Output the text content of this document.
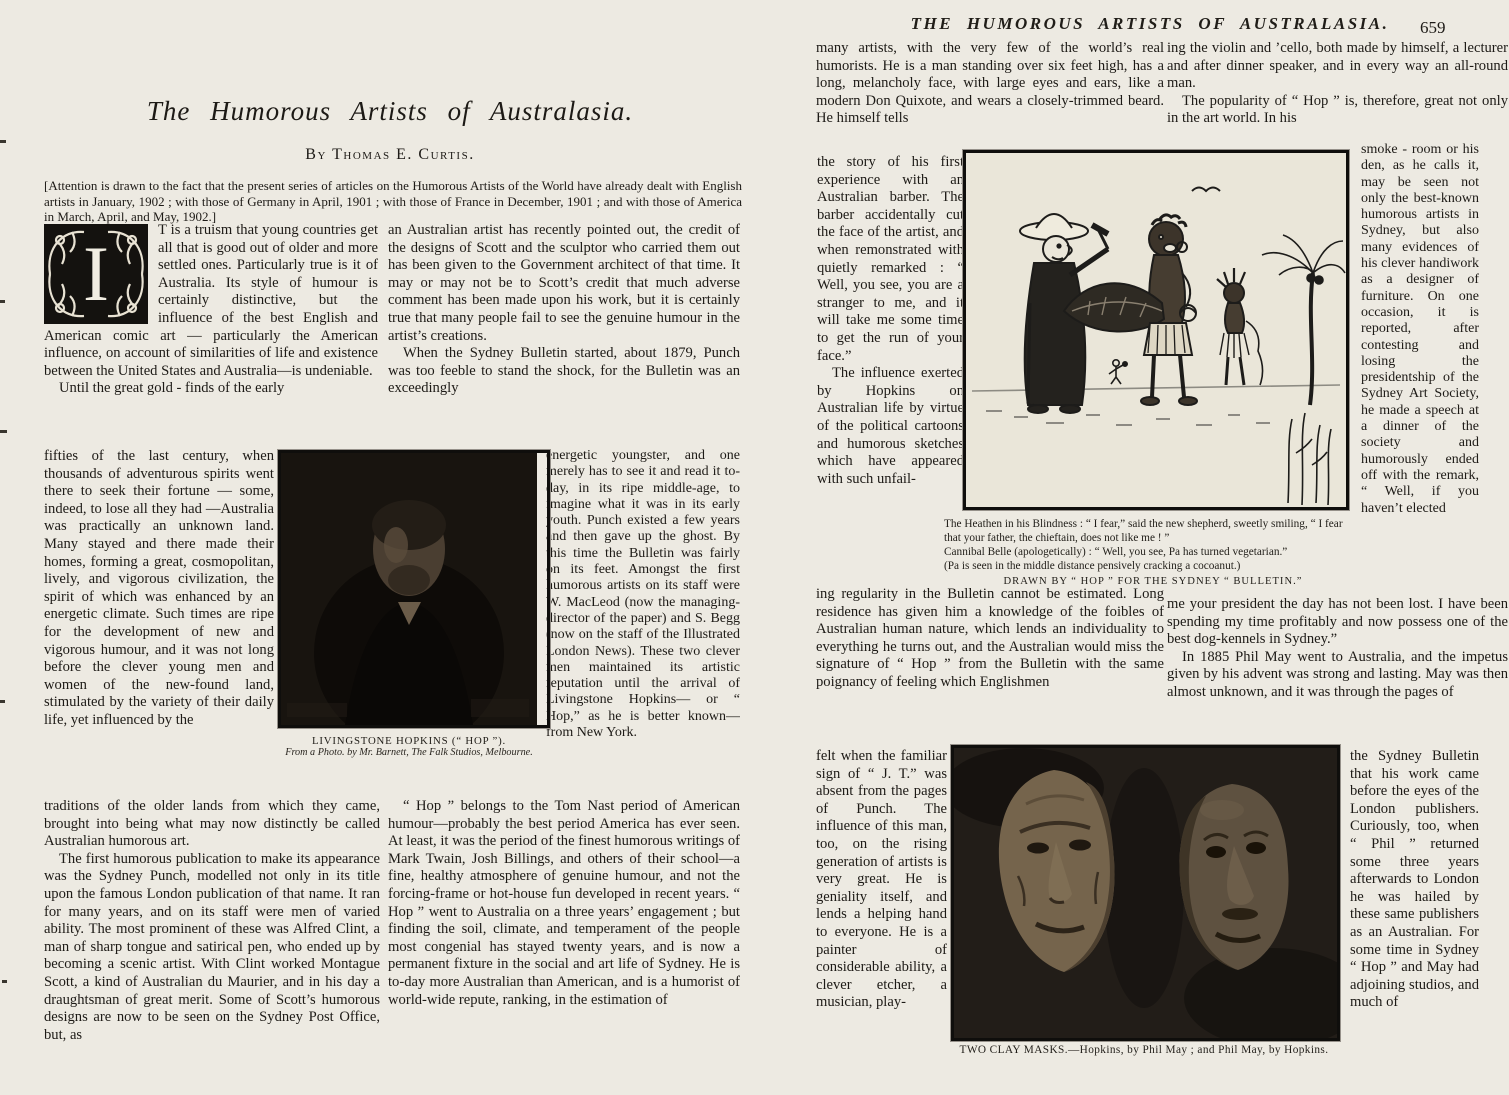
THE HUMOROUS ARTISTS OF AUSTRALASIA.	659
The Humorous Artists of Australasia.
By Thomas E. Curtis.
[Attention is drawn to the fact that the present series of articles on the Humorous Artists of the World have already dealt with English artists in January, 1902 ; with those of Germany in April, 1901 ; with those of France in December, 1901 ; and with those of America in March, April, and May, 1902.]
I

T is a truism that young countries get all that is good out of older and more settled ones. Particularly true is it of Australia. Its style of humour is certainly distinctive, but the influence of the best English and American comic art — particularly the American influence, on account of similarities of life and existence between the United States and Australia—is undeniable.

Until the great gold - finds of the early

fifties of the last century, when thousands of adventurous spirits went there to seek their fortune — some, indeed, to lose all they had —Australia was practically an unknown land. Many stayed and there made their homes, forming a great, cosmopolitan, lively, and vigorous civilization, the spirit of which was enhanced by an energetic climate. Such times are ripe for the development of new and vigorous humour, and it was not long before the clever young men and women of the new-found land, stimulated by the variety of their daily life, yet influenced by the

traditions of the older lands from which they came, brought into being what may now distinctly be called Australian humorous art.

The first humorous publication to make its appearance was the Sydney Punch, modelled not only in its title upon the famous London publication of that name. It ran for many years, and on its staff were men of varied ability. The most prominent of these was Alfred Clint, a man of sharp tongue and satirical pen, who ended up by becoming a scenic artist. With Clint worked Montague Scott, a kind of Australian du Maurier, and in his day a draughtsman of great merit. Some of Scott’s humorous designs are now to be seen on the Sydney Post Office, but, as

an Australian artist has recently pointed out, the credit of the designs of Scott and the sculptor who carried them out has been given to the Government architect of that time. It may or may not be to Scott’s credit that much adverse comment has been made upon his work, but it is certainly true that many people fail to see the genuine humour in the artist’s creations.

When the Sydney Bulletin started, about 1879, Punch was too feeble to stand the shock, for the Bulletin was an exceedingly

energetic youngster, and one merely has to see it and read it to-day, in its ripe middle-age, to imagine what it was in its early youth. Punch existed a few years and then gave up the ghost. By this time the Bulletin was fairly on its feet. Amongst the first humorous artists on its staff were W. MacLeod (now the managing-director of the paper) and S. Begg (now on the staff of the Illustrated London News). These two clever men maintained its artistic reputation until the arrival of Livingstone Hopkins— or “ Hop,” as he is better known—from New York.

“ Hop ” belongs to the Tom Nast period of American humour—probably the best period America has ever seen. At least, it was the period of the finest humorous writings of Mark Twain, Josh Billings, and others of their school—a fine, healthy atmosphere of genuine humour, and not the forcing-frame or hot-house fun developed in recent years. “ Hop ” went to Australia on a three years’ engagement ; but finding the soil, climate, and temperament of the people most congenial has stayed twenty years, and is now a permanent fixture in the social and art life of Sydney. He is to-day more Australian than American, and is a humorist of world-wide repute, ranking, in the estimation of

LIVINGSTONE HOPKINS (“ HOP ”).
From a Photo. by Mr. Barnett, The Falk Studios, Melbourne.

many artists, with the very few of the world’s real humorists. He is a man standing over six feet high, has a long, melancholy face, with large eyes and ears, like a modern Don Quixote, and wears a closely-trimmed beard. He himself tells

the story of his first experience with an Australian barber. The barber accidentally cut the face of the artist, and when remonstrated with quietly remarked : “ Well, you see, you are a stranger to me, and it will take me some time to get the run of your face.”

The influence exerted by Hopkins on Australian life by virtue of the political cartoons and humorous sketches which have appeared with such unfail-

ing regularity in the Bulletin cannot be estimated. Long residence has given him a knowledge of the foibles of Australian human nature, which lends an individuality to everything he turns out, and the Australian would miss the signature of “ Hop ” from the Bulletin with the same poignancy of feeling which Englishmen

felt when the familiar sign of “ J. T.” was absent from the pages of Punch. The influence of this man, too, on the rising generation of artists is very great. He is geniality itself, and lends a helping hand to everyone. He is a painter of considerable ability, a clever etcher, a musician, play-

ing the violin and ’cello, both made by himself, a lecturer and after dinner speaker, and in every way an all-round man.

The popularity of “ Hop ” is, therefore, great not only in the art world. In his

smoke - room or his den, as he calls it, may be seen not only the best-known humorous artists in Sydney, but also many evidences of his clever handiwork as a designer of furniture. On one occasion, it is reported, after contesting and losing the presidentship of the Sydney Art Society, he made a speech at a dinner of the society and humorously ended off with the remark, “ Well, if you haven’t elected

me your president the day has not been lost. I have been spending my time profitably and now possess one of the best dog-kennels in Sydney.”

In 1885 Phil May went to Australia, and the impetus given by his advent was strong and lasting. May was then almost unknown, and it was through the pages of

the Sydney Bulletin that his work came before the eyes of the London publishers. Curiously, too, when “ Phil ” returned some three years afterwards to London he was hailed by these same publishers as an Australian. For some time in Sydney “ Hop ” and May had adjoining studios, and much of

The Heathen in his Blindness : “ I fear,” said the new shepherd, sweetly smiling, “ I fear that your father, the chieftain, does not like me ! ”

Cannibal Belle (apologetically) : “ Well, you see, Pa has turned vegetarian.”

(Pa is seen in the middle distance pensively cracking a cocoanut.)

DRAWN BY “ HOP ” FOR THE SYDNEY “ BULLETIN.”

TWO CLAY MASKS.—Hopkins, by Phil May ; and Phil May, by Hopkins.
